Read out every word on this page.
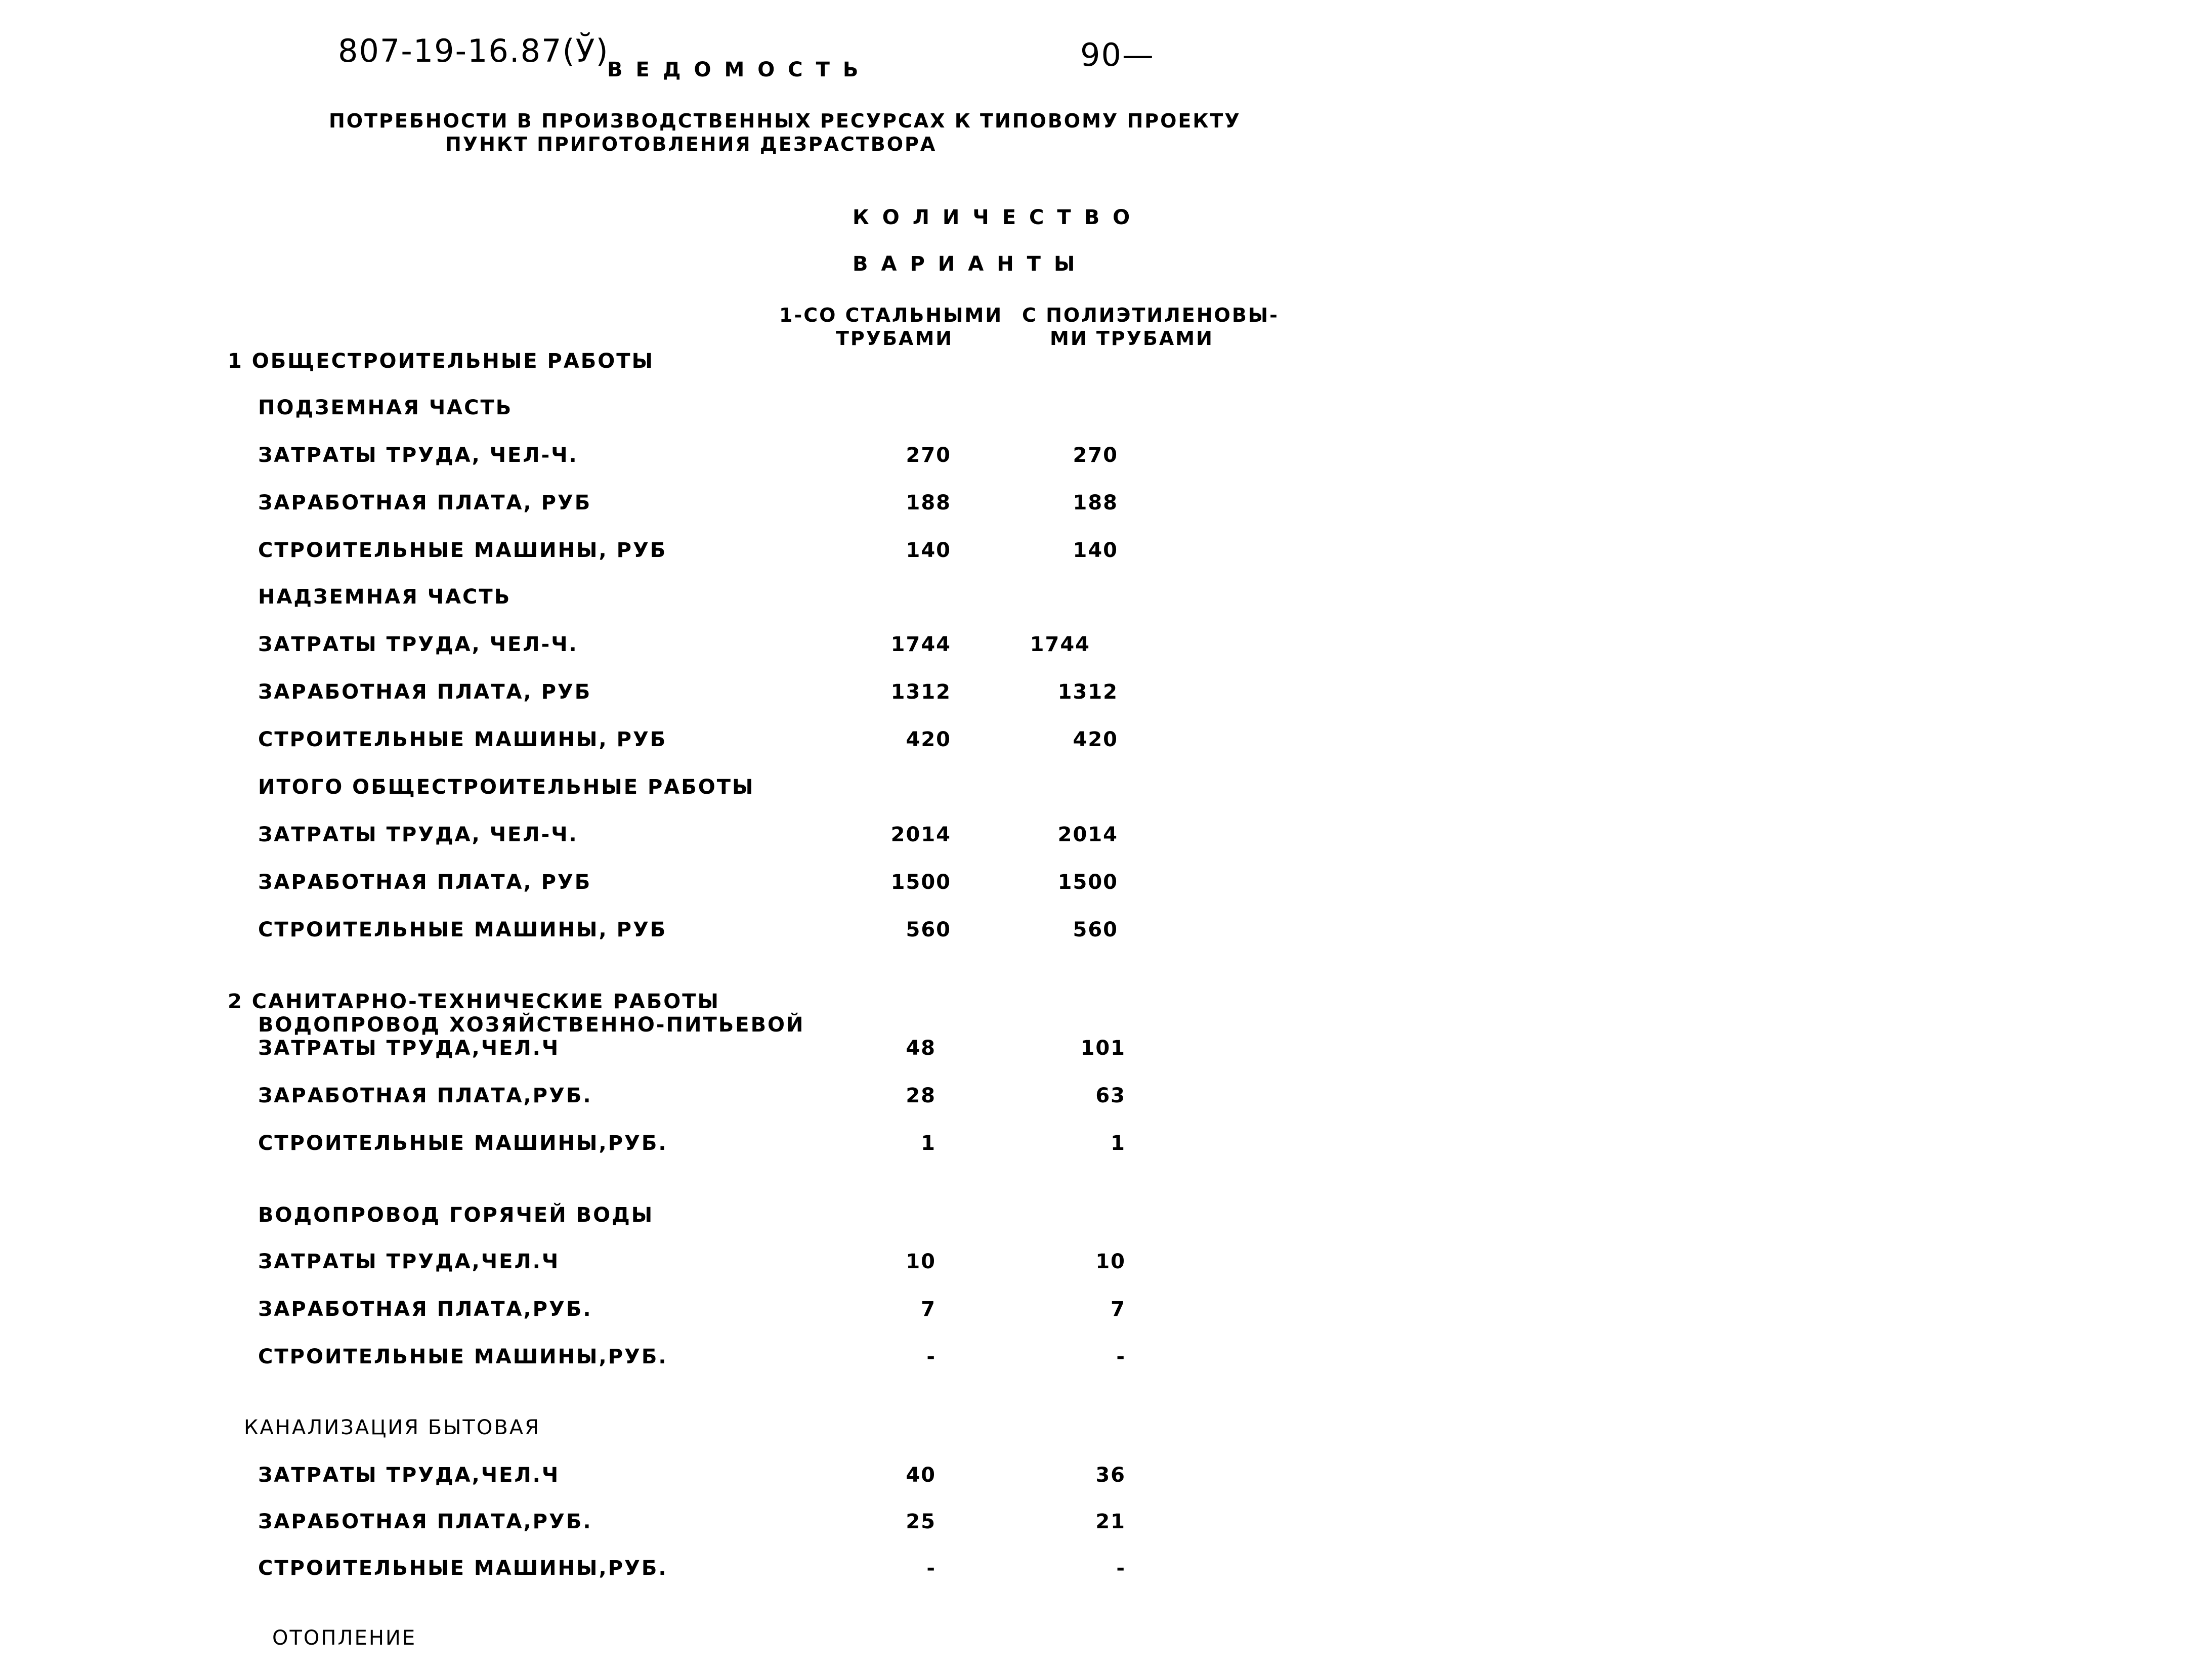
807-19-16.87(Ў)
ВЕДОМОСТЬ	90—
ПОТРЕБНОСТИ В ПРОИЗВОДСТВЕННЫХ РЕСУРСАХ К ТИПОВОМУ ПРОЕКТУ
ПУНКТ ПРИГОТОВЛЕНИЯ ДЕЗРАСТВОРА
КОЛИЧЕСТВО
ВАРИАНТЫ
1-СО СТАЛЬНЫМИ
ТРУБАМИ
С ПОЛИЭТИЛЕНОВЫ-
МИ ТРУБАМИ
1 ОБЩЕСТРОИТЕЛЬНЫЕ РАБОТЫ
ПОДЗЕМНАЯ ЧАСТЬ
ЗАТРАТЫ ТРУДА, ЧЕЛ-Ч.	270	270
ЗАРАБОТНАЯ ПЛАТА, РУБ	188	188
СТРОИТЕЛЬНЫЕ МАШИНЫ, РУБ	140	140
НАДЗЕМНАЯ ЧАСТЬ
ЗАТРАТЫ ТРУДА, ЧЕЛ-Ч.	1744	1744
ЗАРАБОТНАЯ ПЛАТА, РУБ	1312	1312
СТРОИТЕЛЬНЫЕ МАШИНЫ, РУБ	420	420
ИТОГО ОБЩЕСТРОИТЕЛЬНЫЕ РАБОТЫ
ЗАТРАТЫ ТРУДА, ЧЕЛ-Ч.	2014	2014
ЗАРАБОТНАЯ ПЛАТА, РУБ	1500	1500
СТРОИТЕЛЬНЫЕ МАШИНЫ, РУБ	560	560
2 САНИТАРНО-ТЕХНИЧЕСКИЕ РАБОТЫ
ВОДОПРОВОД ХОЗЯЙСТВЕННО-ПИТЬЕВОЙ
ЗАТРАТЫ ТРУДА,ЧЕЛ.Ч	48	101
ЗАРАБОТНАЯ ПЛАТА,РУБ.	28	63
СТРОИТЕЛЬНЫЕ МАШИНЫ,РУБ.	1	1
ВОДОПРОВОД ГОРЯЧЕЙ ВОДЫ
ЗАТРАТЫ ТРУДА,ЧЕЛ.Ч	10	10
ЗАРАБОТНАЯ ПЛАТА,РУБ.	7	7
СТРОИТЕЛЬНЫЕ МАШИНЫ,РУБ.	-	-
КАНАЛИЗАЦИЯ БЫТОВАЯ
ЗАТРАТЫ ТРУДА,ЧЕЛ.Ч	40	36
ЗАРАБОТНАЯ ПЛАТА,РУБ.	25	21
СТРОИТЕЛЬНЫЕ МАШИНЫ,РУБ.	-	-
ОТОПЛЕНИЕ
